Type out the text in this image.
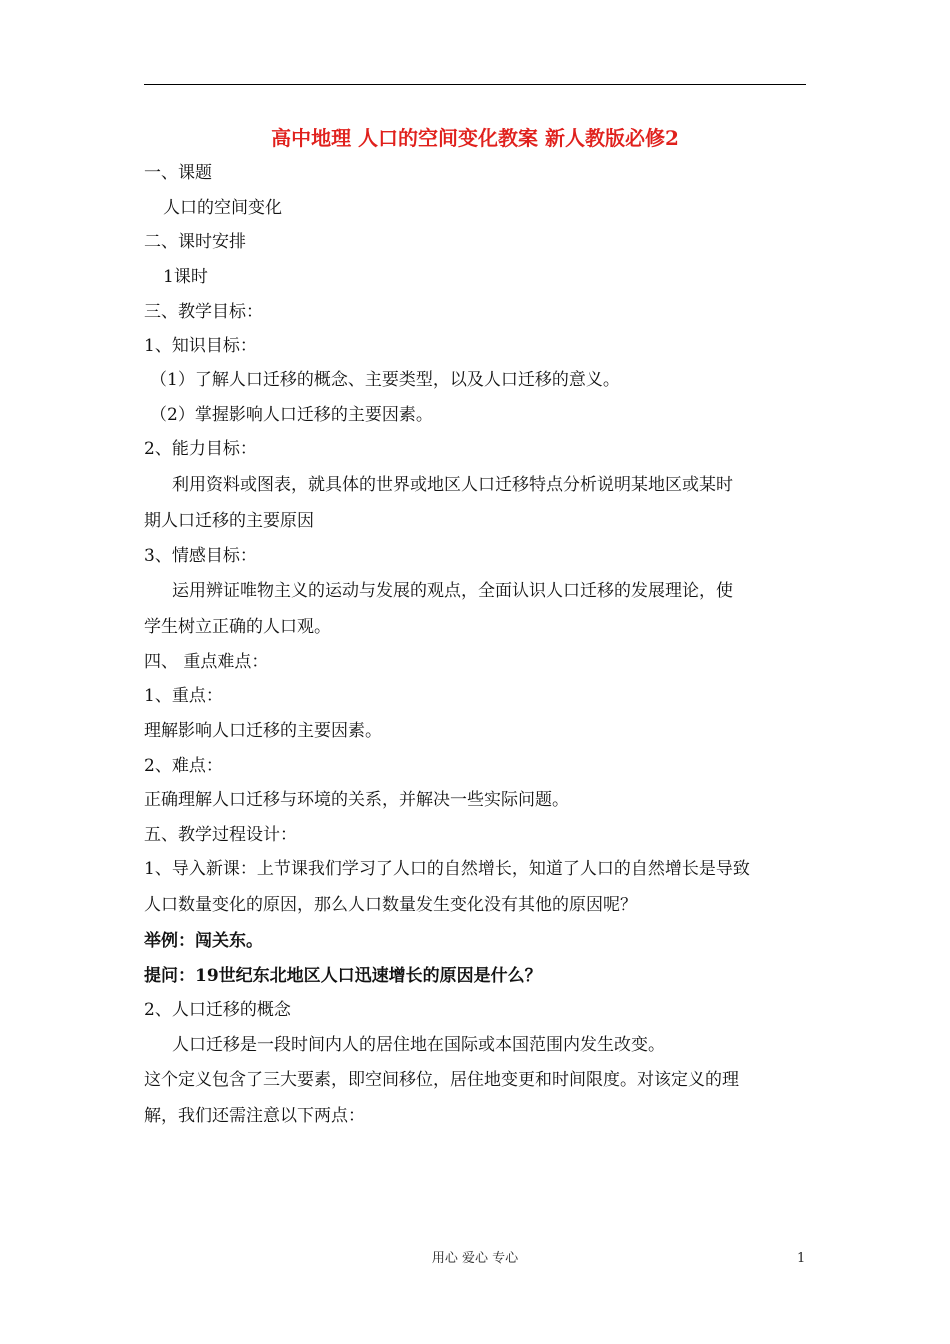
高中地理 人口的空间变化教案 新人教版必修2
一、课题
人口的空间变化
二、课时安排
1课时
三、教学目标：
1、知识目标：
（1）了解人口迁移的概念、主要类型，以及人口迁移的意义。
（2）掌握影响人口迁移的主要因素。
2、能力目标：
利用资料或图表，就具体的世界或地区人口迁移特点分析说明某地区或某时
期人口迁移的主要原因
3、情感目标：
运用辨证唯物主义的运动与发展的观点，全面认识人口迁移的发展理论，使
学生树立正确的人口观。
四、 重点难点：
1、重点：
理解影响人口迁移的主要因素。
2、难点：
正确理解人口迁移与环境的关系，并解决一些实际问题。
五、教学过程设计：
1、导入新课：上节课我们学习了人口的自然增长，知道了人口的自然增长是导致
人口数量变化的原因，那么人口数量发生变化没有其他的原因呢？
举例：闯关东。
提问：19世纪东北地区人口迅速增长的原因是什么？
2、人口迁移的概念
人口迁移是一段时间内人的居住地在国际或本国范围内发生改变。
这个定义包含了三大要素，即空间移位，居住地变更和时间限度。对该定义的理
解，我们还需注意以下两点：
用心 爱心 专心	1
